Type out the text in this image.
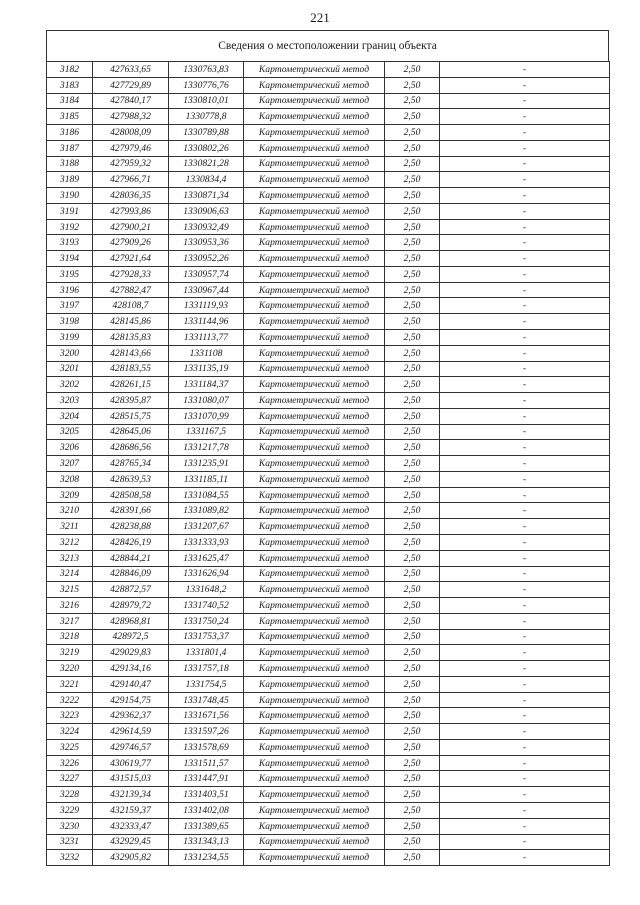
221
Сведения о местоположении границ объекта
3182	427633,65	1330763,83	Картометрический метод	2,50	-
3183	427729,89	1330776,76	Картометрический метод	2,50	-
3184	427840,17	1330810,01	Картометрический метод	2,50	-
3185	427988,32	1330778,8	Картометрический метод	2,50	-
3186	428008,09	1330789,88	Картометрический метод	2,50	-
3187	427979,46	1330802,26	Картометрический метод	2,50	-
3188	427959,32	1330821,28	Картометрический метод	2,50	-
3189	427966,71	1330834,4	Картометрический метод	2,50	-
3190	428036,35	1330871,34	Картометрический метод	2,50	-
3191	427993,86	1330906,63	Картометрический метод	2,50	-
3192	427900,21	1330932,49	Картометрический метод	2,50	-
3193	427909,26	1330953,36	Картометрический метод	2,50	-
3194	427921,64	1330952,26	Картометрический метод	2,50	-
3195	427928,33	1330957,74	Картометрический метод	2,50	-
3196	427882,47	1330967,44	Картометрический метод	2,50	-
3197	428108,7	1331119,93	Картометрический метод	2,50	-
3198	428145,86	1331144,96	Картометрический метод	2,50	-
3199	428135,83	1331113,77	Картометрический метод	2,50	-
3200	428143,66	1331108	Картометрический метод	2,50	-
3201	428183,55	1331135,19	Картометрический метод	2,50	-
3202	428261,15	1331184,37	Картометрический метод	2,50	-
3203	428395,87	1331080,07	Картометрический метод	2,50	-
3204	428515,75	1331070,99	Картометрический метод	2,50	-
3205	428645,06	1331167,5	Картометрический метод	2,50	-
3206	428686,56	1331217,78	Картометрический метод	2,50	-
3207	428765,34	1331235,91	Картометрический метод	2,50	-
3208	428639,53	1331185,11	Картометрический метод	2,50	-
3209	428508,58	1331084,55	Картометрический метод	2,50	-
3210	428391,66	1331089,82	Картометрический метод	2,50	-
3211	428238,88	1331207,67	Картометрический метод	2,50	-
3212	428426,19	1331333,93	Картометрический метод	2,50	-
3213	428844,21	1331625,47	Картометрический метод	2,50	-
3214	428846,09	1331626,94	Картометрический метод	2,50	-
3215	428872,57	1331648,2	Картометрический метод	2,50	-
3216	428979,72	1331740,52	Картометрический метод	2,50	-
3217	428968,81	1331750,24	Картометрический метод	2,50	-
3218	428972,5	1331753,37	Картометрический метод	2,50	-
3219	429029,83	1331801,4	Картометрический метод	2,50	-
3220	429134,16	1331757,18	Картометрический метод	2,50	-
3221	429140,47	1331754,5	Картометрический метод	2,50	-
3222	429154,75	1331748,45	Картометрический метод	2,50	-
3223	429362,37	1331671,56	Картометрический метод	2,50	-
3224	429614,59	1331597,26	Картометрический метод	2,50	-
3225	429746,57	1331578,69	Картометрический метод	2,50	-
3226	430619,77	1331511,57	Картометрический метод	2,50	-
3227	431515,03	1331447,91	Картометрический метод	2,50	-
3228	432139,34	1331403,51	Картометрический метод	2,50	-
3229	432159,37	1331402,08	Картометрический метод	2,50	-
3230	432333,47	1331389,65	Картометрический метод	2,50	-
3231	432929,45	1331343,13	Картометрический метод	2,50	-
3232	432905,82	1331234,55	Картометрический метод	2,50	-
